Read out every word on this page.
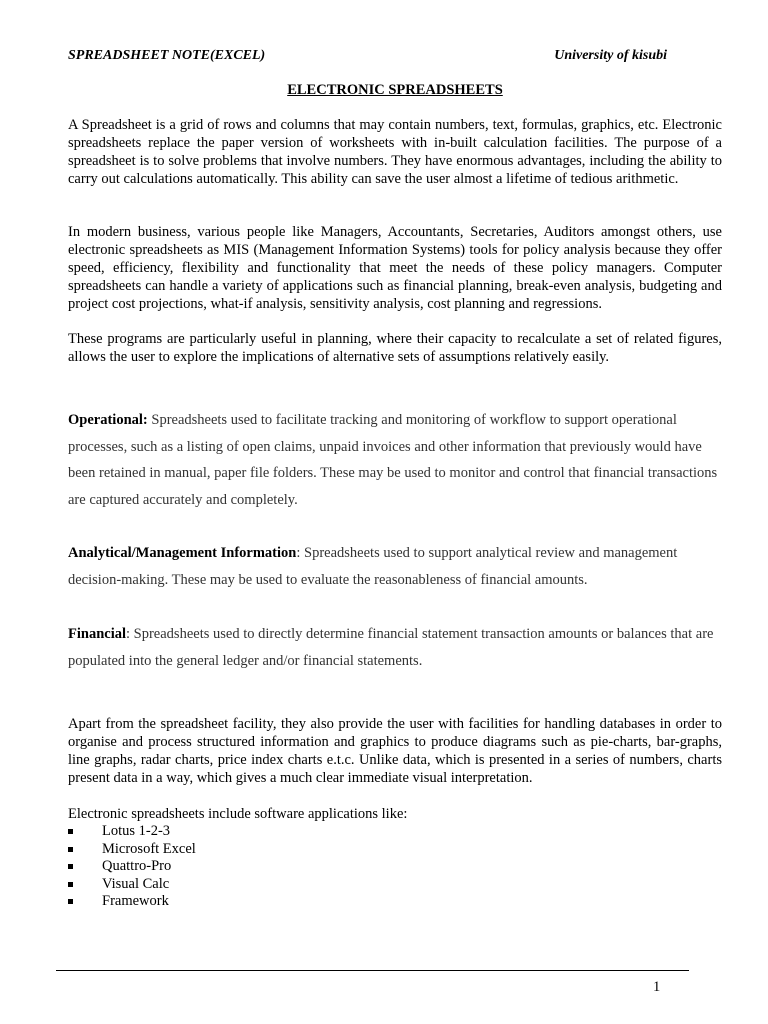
SPREADSHEET NOTE(EXCEL)	University of kisubi
ELECTRONIC SPREADSHEETS

A Spreadsheet is a grid of rows and columns that may contain numbers, text, formulas, graphics, etc. Electronic spreadsheets replace the paper version of worksheets with in-built calculation facilities. The purpose of a spreadsheet is to solve problems that involve numbers. They have enormous advantages, including the ability to carry out calculations automatically. This ability can save the user almost a lifetime of tedious arithmetic.

In modern business, various people like Managers, Accountants, Secretaries, Auditors amongst others, use electronic spreadsheets as MIS (Management Information Systems) tools for policy analysis because they offer speed, efficiency, flexibility and functionality that meet the needs of these policy managers. Computer spreadsheets can handle a variety of applications such as financial planning, break-even analysis, budgeting and project cost projections, what-if analysis, sensitivity analysis, cost planning and regressions.

These programs are particularly useful in planning, where their capacity to recalculate a set of related figures, allows the user to explore the implications of alternative sets of assumptions relatively easily.

Operational: Spreadsheets used to facilitate tracking and monitoring of workflow to support operational processes, such as a listing of open claims, unpaid invoices and other information that previously would have been retained in manual, paper file folders. These may be used to monitor and control that financial transactions are captured accurately and completely.

Analytical/Management Information: Spreadsheets used to support analytical review and management decision-making. These may be used to evaluate the reasonableness of financial amounts.

Financial: Spreadsheets used to directly determine financial statement transaction amounts or balances that are populated into the general ledger and/or financial statements.

Apart from the spreadsheet facility, they also provide the user with facilities for handling databases in order to organise and process structured information and graphics to produce diagrams such as pie-charts, bar-graphs, line graphs, radar charts, price index charts e.t.c. Unlike data, which is presented in a series of numbers, charts present data in a way, which gives a much clear immediate visual interpretation.

Electronic spreadsheets include software applications like:
Lotus 1-2-3
Microsoft Excel
Quattro-Pro
Visual Calc
Framework
1
